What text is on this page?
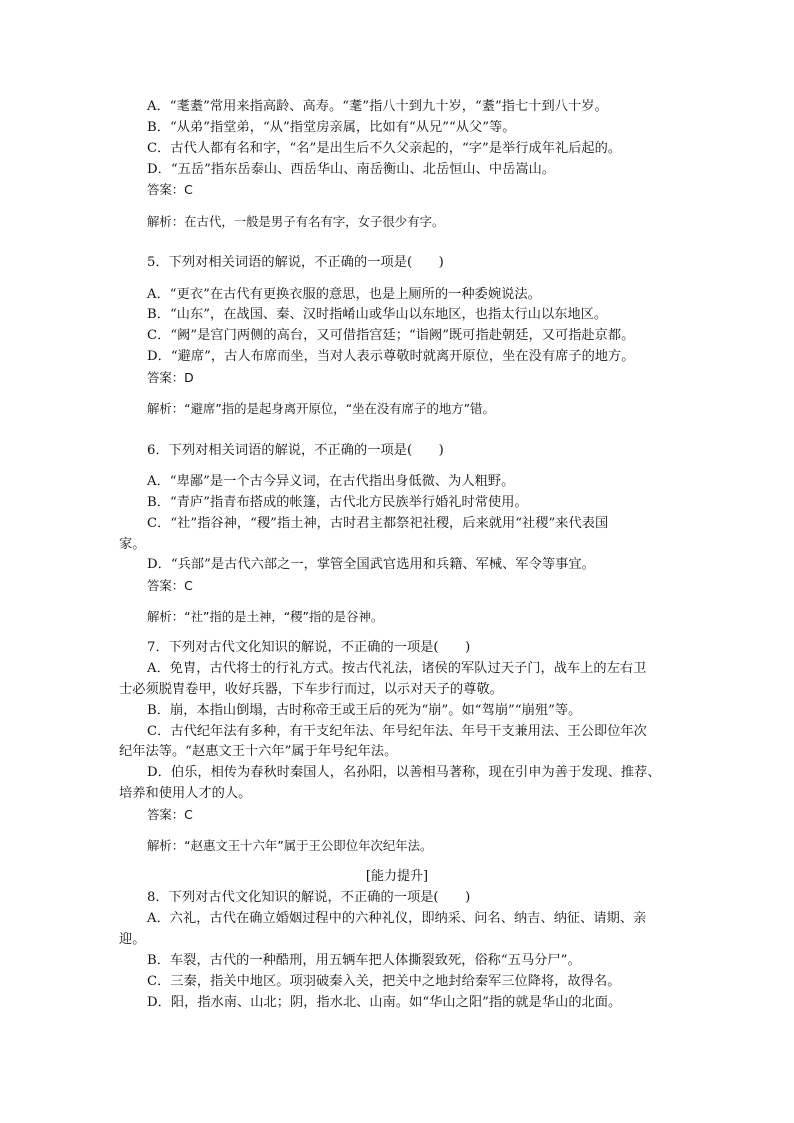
A．“耄耋”常用来指高龄、高寿。“耄”指八十到九十岁，“耋”指七十到八十岁。
B．“从弟”指堂弟，“从”指堂房亲属，比如有“从兄”“从父”等。
C．古代人都有名和字，“名”是出生后不久父亲起的，“字”是举行成年礼后起的。
D．“五岳”指东岳泰山、西岳华山、南岳衡山、北岳恒山、中岳嵩山。
答案：C
解析：在古代，一般是男子有名有字，女子很少有字。
5．下列对相关词语的解说，不正确的一项是(　　)
A．“更衣”在古代有更换衣服的意思，也是上厕所的一种委婉说法。
B．“山东”，在战国、秦、汉时指崤山或华山以东地区，也指太行山以东地区。
C．“阙”是宫门两侧的高台，又可借指宫廷；“诣阙”既可指赴朝廷，又可指赴京都。
D．“避席”，古人布席而坐，当对人表示尊敬时就离开原位，坐在没有席子的地方。
答案：D
解析：“避席”指的是起身离开原位，“坐在没有席子的地方”错。
6．下列对相关词语的解说，不正确的一项是(　　)
A．“卑鄙”是一个古今异义词，在古代指出身低微、为人粗野。
B．“青庐”指青布搭成的帐篷，古代北方民族举行婚礼时常使用。
C．“社”指谷神，“稷”指土神，古时君主都祭祀社稷，后来就用“社稷”来代表国
家。
D．“兵部”是古代六部之一，掌管全国武官选用和兵籍、军械、军令等事宜。
答案：C
解析：“社”指的是土神，“稷”指的是谷神。
7．下列对古代文化知识的解说，不正确的一项是(　　)
A．免胄，古代将士的行礼方式。按古代礼法，诸侯的军队过天子门，战车上的左右卫
士必须脱胄卷甲，收好兵器，下车步行而过，以示对天子的尊敬。
B．崩，本指山倒塌，古时称帝王或王后的死为“崩”。如“驾崩”“崩殂”等。
C．古代纪年法有多种，有干支纪年法、年号纪年法、年号干支兼用法、王公即位年次
纪年法等。“赵惠文王十六年”属于年号纪年法。
D．伯乐，相传为春秋时秦国人，名孙阳，以善相马著称，现在引申为善于发现、推荐、
培养和使用人才的人。
答案：C
解析：“赵惠文王十六年”属于王公即位年次纪年法。
[能力提升]
8．下列对古代文化知识的解说，不正确的一项是(　　)
A．六礼，古代在确立婚姻过程中的六种礼仪，即纳采、问名、纳吉、纳征、请期、亲
迎。
B．车裂，古代的一种酷刑，用五辆车把人体撕裂致死，俗称“五马分尸”。
C．三秦，指关中地区。项羽破秦入关，把关中之地封给秦军三位降将，故得名。
D．阳，指水南、山北；阴，指水北、山南。如“华山之阳”指的就是华山的北面。
